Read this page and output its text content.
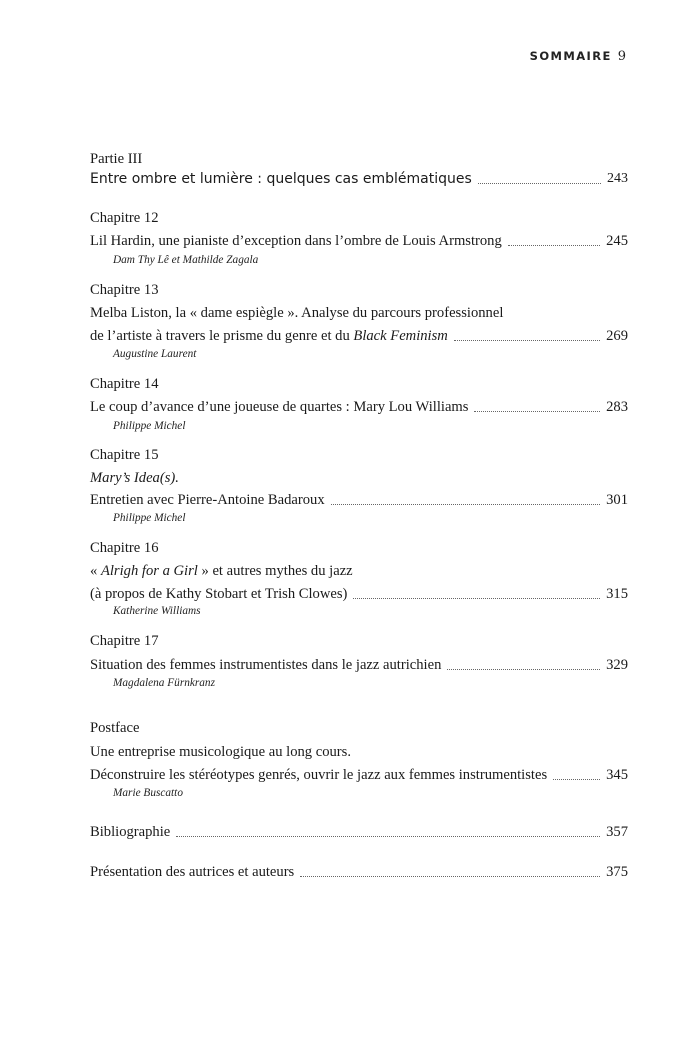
SOMMAIRE 9
Partie III
Entre ombre et lumière : quelques cas emblématiques	243
Chapitre 12
Lil Hardin, une pianiste d’exception dans l’ombre de Louis Armstrong	245
Dam Thy Lê et Mathilde Zagala
Chapitre 13
Melba Liston, la « dame espiègle ». Analyse du parcours professionnel
de l’artiste à travers le prisme du genre et du Black Feminism	269
Augustine Laurent
Chapitre 14
Le coup d’avance d’une joueuse de quartes : Mary Lou Williams	283
Philippe Michel
Chapitre 15
Mary’s Idea(s).
Entretien avec Pierre-Antoine Badaroux	301
Philippe Michel
Chapitre 16
« Alrigh for a Girl » et autres mythes du jazz
(à propos de Kathy Stobart et Trish Clowes)	315
Katherine Williams
Chapitre 17
Situation des femmes instrumentistes dans le jazz autrichien	329
Magdalena Fürnkranz
Postface
Une entreprise musicologique au long cours.
Déconstruire les stéréotypes genrés, ouvrir le jazz aux femmes instrumentistes	345
Marie Buscatto
Bibliographie	357
Présentation des autrices et auteurs	375
